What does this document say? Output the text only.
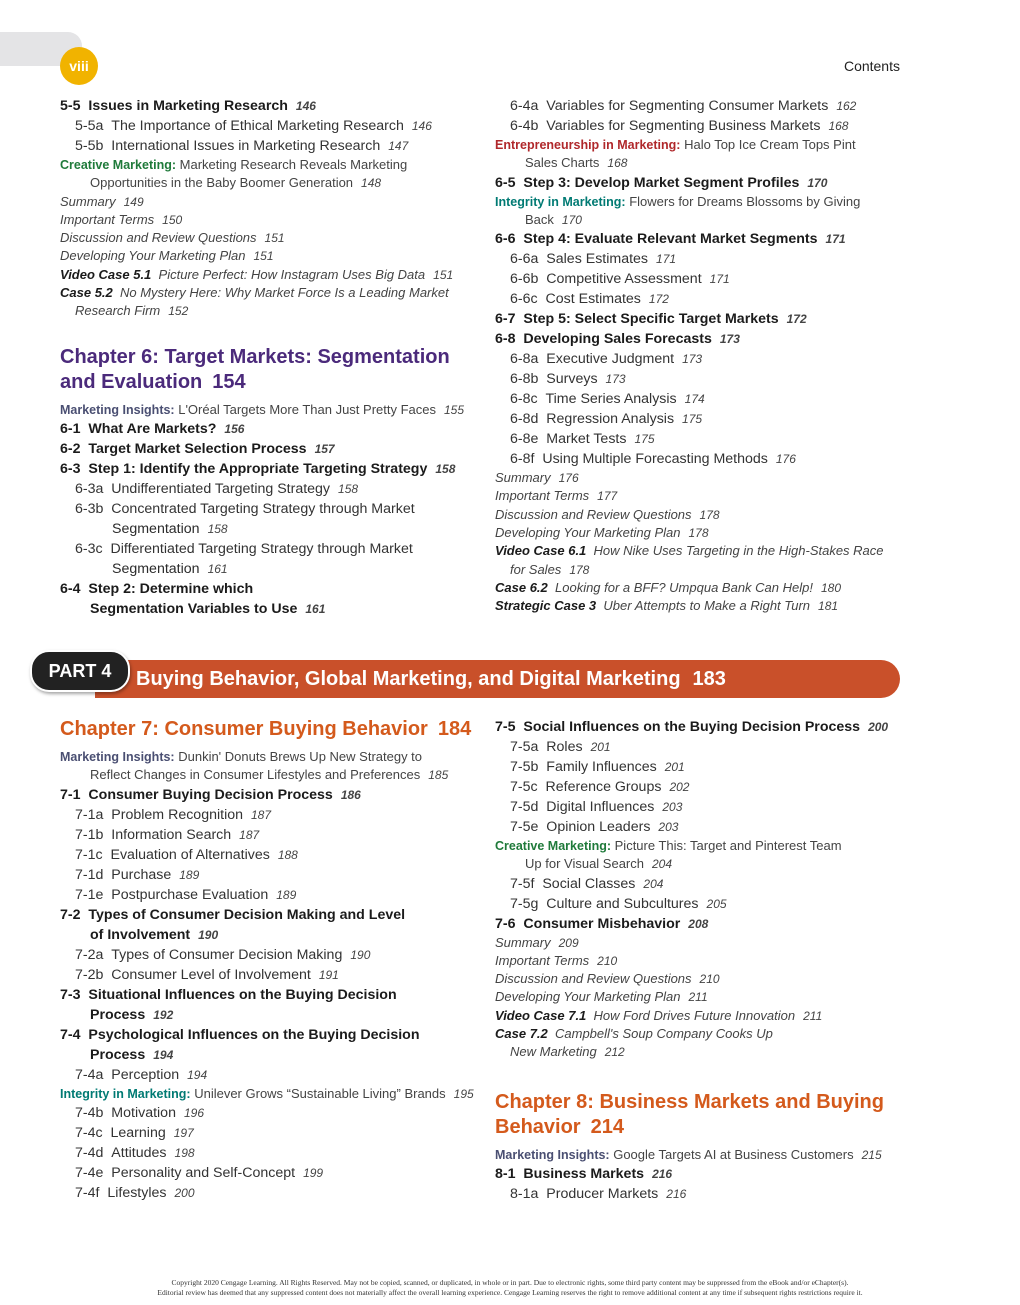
viii	Contents
5-5 Issues in Marketing Research 146
5-5a The Importance of Ethical Marketing Research 146
5-5b International Issues in Marketing Research 147
Creative Marketing: Marketing Research Reveals Marketing
Opportunities in the Baby Boomer Generation 148
Summary 149
Important Terms 150
Discussion and Review Questions 151
Developing Your Marketing Plan 151
Video Case 5.1 Picture Perfect: How Instagram Uses Big Data 151
Case 5.2 No Mystery Here: Why Market Force Is a Leading Market
Research Firm 152
Chapter 6: Target Markets: Segmentation
and Evaluation 154
Marketing Insights: L'Oréal Targets More Than Just Pretty Faces 155
6-1 What Are Markets? 156
6-2 Target Market Selection Process 157
6-3 Step 1: Identify the Appropriate Targeting Strategy 158
6-3a Undifferentiated Targeting Strategy 158
6-3b Concentrated Targeting Strategy through Market
Segmentation 158
6-3c Differentiated Targeting Strategy through Market
Segmentation 161
6-4 Step 2: Determine which
Segmentation Variables to Use 161
6-4a Variables for Segmenting Consumer Markets 162
6-4b Variables for Segmenting Business Markets 168
Entrepreneurship in Marketing: Halo Top Ice Cream Tops Pint
Sales Charts 168
6-5 Step 3: Develop Market Segment Profiles 170
Integrity in Marketing: Flowers for Dreams Blossoms by Giving
Back 170
6-6 Step 4: Evaluate Relevant Market Segments 171
6-6a Sales Estimates 171
6-6b Competitive Assessment 171
6-6c Cost Estimates 172
6-7 Step 5: Select Specific Target Markets 172
6-8 Developing Sales Forecasts 173
6-8a Executive Judgment 173
6-8b Surveys 173
6-8c Time Series Analysis 174
6-8d Regression Analysis 175
6-8e Market Tests 175
6-8f Using Multiple Forecasting Methods 176
Summary 176
Important Terms 177
Discussion and Review Questions 178
Developing Your Marketing Plan 178
Video Case 6.1 How Nike Uses Targeting in the High-Stakes Race
for Sales 178
Case 6.2 Looking for a BFF? Umpqua Bank Can Help! 180
Strategic Case 3 Uber Attempts to Make a Right Turn 181
Buying Behavior, Global Marketing, and Digital Marketing 183
PART 4
Chapter 7: Consumer Buying Behavior 184
Marketing Insights: Dunkin' Donuts Brews Up New Strategy to
Reflect Changes in Consumer Lifestyles and Preferences 185
7-1 Consumer Buying Decision Process 186
7-1a Problem Recognition 187
7-1b Information Search 187
7-1c Evaluation of Alternatives 188
7-1d Purchase 189
7-1e Postpurchase Evaluation 189
7-2 Types of Consumer Decision Making and Level
of Involvement 190
7-2a Types of Consumer Decision Making 190
7-2b Consumer Level of Involvement 191
7-3 Situational Influences on the Buying Decision
Process 192
7-4 Psychological Influences on the Buying Decision
Process 194
7-4a Perception 194
Integrity in Marketing: Unilever Grows “Sustainable Living” Brands 195
7-4b Motivation 196
7-4c Learning 197
7-4d Attitudes 198
7-4e Personality and Self-Concept 199
7-4f Lifestyles 200
7-5 Social Influences on the Buying Decision Process 200
7-5a Roles 201
7-5b Family Influences 201
7-5c Reference Groups 202
7-5d Digital Influences 203
7-5e Opinion Leaders 203
Creative Marketing: Picture This: Target and Pinterest Team
Up for Visual Search 204
7-5f Social Classes 204
7-5g Culture and Subcultures 205
7-6 Consumer Misbehavior 208
Summary 209
Important Terms 210
Discussion and Review Questions 210
Developing Your Marketing Plan 211
Video Case 7.1 How Ford Drives Future Innovation 211
Case 7.2 Campbell's Soup Company Cooks Up
New Marketing 212
Chapter 8: Business Markets and Buying
Behavior 214
Marketing Insights: Google Targets AI at Business Customers 215
8-1 Business Markets 216
8-1a Producer Markets 216
Copyright 2020 Cengage Learning. All Rights Reserved. May not be copied, scanned, or duplicated, in whole or in part. Due to electronic rights, some third party content may be suppressed from the eBook and/or eChapter(s).
Editorial review has deemed that any suppressed content does not materially affect the overall learning experience. Cengage Learning reserves the right to remove additional content at any time if subsequent rights restrictions require it.
